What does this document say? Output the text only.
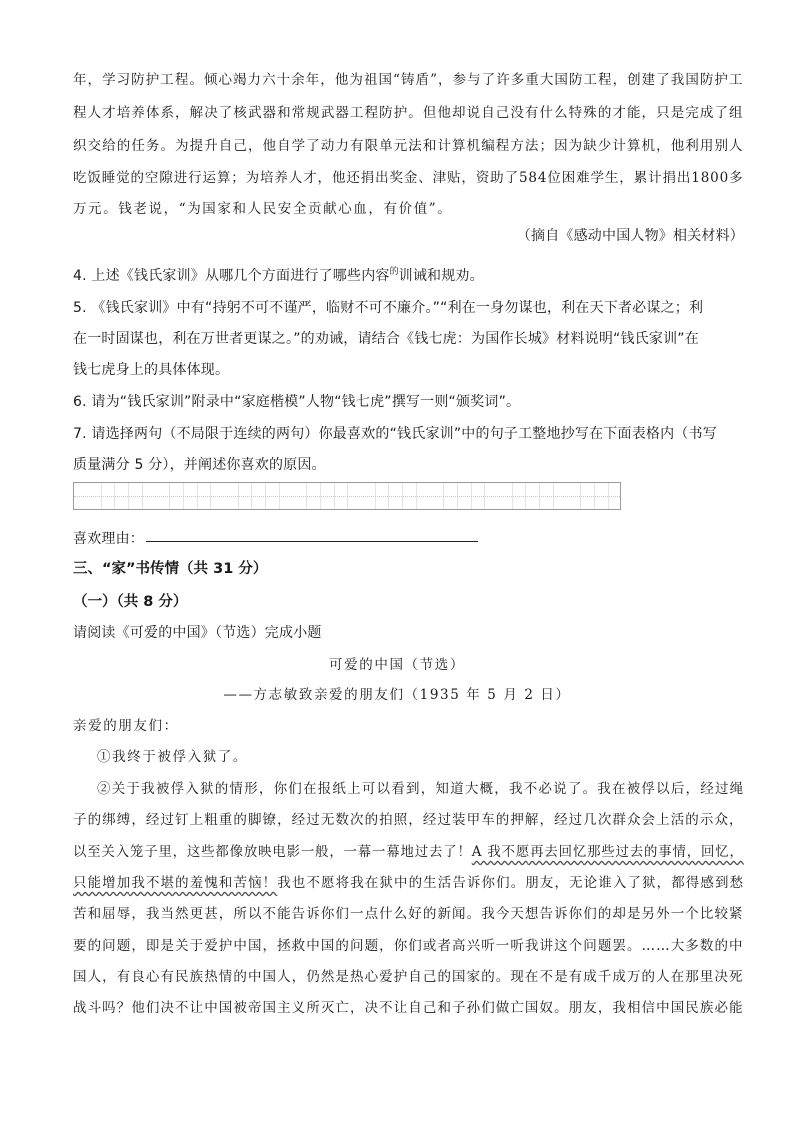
年，学习防护工程。倾心竭力六十余年，他为祖国“铸盾”，参与了许多重大国防工程，创建了我国防护工
程人才培养体系，解决了核武器和常规武器工程防护。但他却说自己没有什么特殊的才能，只是完成了组
织交给的任务。为提升自己，他自学了动力有限单元法和计算机编程方法；因为缺少计算机，他利用别人
吃饭睡觉的空隙进行运算；为培养人才，他还捐出奖金、津贴，资助了584位困难学生，累计捐出1800多
万元。钱老说，“为国家和人民安全贡献心血，有价值”。
（摘自《感动中国人物》相关材料）
4. 上述《钱氏家训》从哪几个方面进行了哪些内容$^的$训诫和规劝。
5. 《钱氏家训》中有“持躬不可不谨严，临财不可不廉介。”“利在一身勿谋也，利在天下者必谋之；利
在一时固谋也，利在万世者更谋之。”的劝诫，请结合《钱七虎：为国作长城》材料说明“钱氏家训”在
钱七虎身上的具体体现。
6. 请为“钱氏家训”附录中“家庭楷模”人物“钱七虎”撰写一则“颁奖词”。
7. 请选择两句（不局限于连续的两句）你最喜欢的“钱氏家训”中的句子工整地抄写在下面表格内（书写
质量满分 5 分），并阐述你喜欢的原因。
喜欢理由：
三、“家”书传情（共 31 分）
（一）（共 8 分）
请阅读《可爱的中国》（节选）完成小题
可爱的中国（节选）
——方志敏致亲爱的朋友们（1935 年 5 月 2 日）
亲爱的朋友们：
①我终于被俘入狱了。
②关于我被俘入狱的情形，你们在报纸上可以看到，知道大概，我不必说了。我在被俘以后，经过绳
子的绑缚，经过钉上粗重的脚镣，经过无数次的拍照，经过装甲车的押解，经过几次群众会上活的示众，
以至关入笼子里，这些都像放映电影一般，一幕一幕地过去了！A 我不愿再去回忆那些过去的事情，回忆，
只能增加我不堪的羞愧和苦恼！我也不愿将我在狱中的生活告诉你们。朋友，无论谁入了狱，都得感到愁
苦和屈辱，我当然更甚，所以不能告诉你们一点什么好的新闻。我今天想告诉你们的却是另外一个比较紧
要的问题，即是关于爱护中国，拯救中国的问题，你们或者高兴听一听我讲这个问题罢。……大多数的中
国人，有良心有民族热情的中国人，仍然是热心爱护自己的国家的。现在不是有成千成万的人在那里决死
战斗吗？他们决不让中国被帝国主义所灭亡，决不让自己和子孙们做亡国奴。朋友，我相信中国民族必能
